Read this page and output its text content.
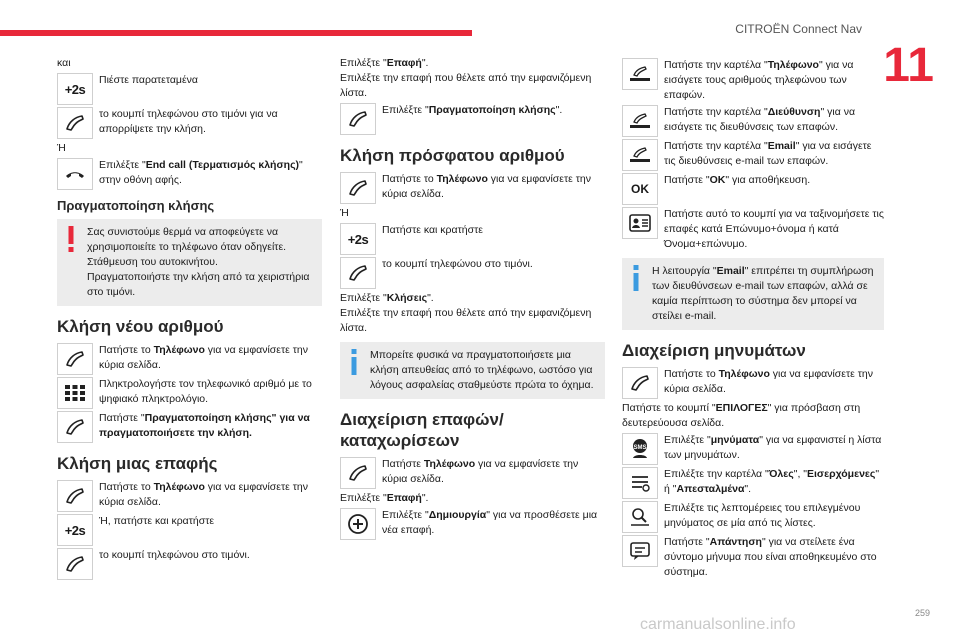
CITROËN Connect Nav
11

και

+2s
Πιέστε παρατεταμένα
το κουμπί τηλεφώνου στο τιμόνι για να απορρίψετε την κλήση.

Ή

Επιλέξτε "End call (Τερματισμός κλήσης)" στην οθόνη αφής.
Πραγματοποίηση κλήσης

Σας συνιστούμε θερμά να αποφεύγετε να χρησιμοποιείτε το τηλέφωνο όταν οδηγείτε.

Στάθμευση του αυτοκινήτου.

Πραγματοποιήστε την κλήση από τα χειριστήρια στο τιμόνι.

Κλήση νέου αριθμού
Πατήστε το Τηλέφωνο για να εμφανίσετε την κύρια σελίδα.
Πληκτρολογήστε τον τηλεφωνικό αριθμό με το ψηφιακό πληκτρολόγιο.
Πατήστε "Πραγματοποίηση κλήσης" για να πραγματοποιήσετε την κλήση.
Κλήση μιας επαφής
Πατήστε το Τηλέφωνο για να εμφανίσετε την κύρια σελίδα.
+2s
Ή, πατήστε και κρατήστε
το κουμπί τηλεφώνου στο τιμόνι.

Επιλέξτε "Επαφή".

Επιλέξτε την επαφή που θέλετε από την εμφανιζόμενη λίστα.

Επιλέξτε "Πραγματοποίηση κλήσης".
Κλήση πρόσφατου αριθμού
Πατήστε το Τηλέφωνο για να εμφανίσετε την κύρια σελίδα.

Ή

+2s
Πατήστε και κρατήστε
το κουμπί τηλεφώνου στο τιμόνι.

Επιλέξτε "Κλήσεις".

Επιλέξτε την επαφή που θέλετε από την εμφανιζόμενη λίστα.

Μπορείτε φυσικά να πραγματοποιήσετε μια κλήση απευθείας από το τηλέφωνο, ωστόσο για λόγους ασφαλείας σταθμεύστε πρώτα το όχημα.
Διαχείριση επαφών/ καταχωρίσεων
Πατήστε Τηλέφωνο για να εμφανίσετε την κύρια σελίδα.

Επιλέξτε "Επαφή".

Επιλέξτε "Δημιουργία" για να προσθέσετε μια νέα επαφή.
Πατήστε την καρτέλα "Τηλέφωνο" για να εισάγετε τους αριθμούς τηλεφώνου των επαφών.
Πατήστε την καρτέλα "Διεύθυνση" για να εισάγετε τις διευθύνσεις των επαφών.
Πατήστε την καρτέλα "Email" για να εισάγετε τις διευθύνσεις e-mail των επαφών.
OK
Πατήστε "OK" για αποθήκευση.
Πατήστε αυτό το κουμπί για να ταξινομήσετε τις επαφές κατά Επώνυμο+όνομα ή κατά Όνομα+επώνυμο.
Η λειτουργία "Email" επιτρέπει τη συμπλήρωση των διευθύνσεων e-mail των επαφών, αλλά σε καμία περίπτωση το σύστημα δεν μπορεί να στείλει e-mail.
Διαχείριση μηνυμάτων
Πατήστε το Τηλέφωνο για να εμφανίσετε την κύρια σελίδα.

Πατήστε το κουμπί "ΕΠΙΛΟΓΕΣ" για πρόσβαση στη δευτερεύουσα σελίδα.

SMS
Επιλέξτε "μηνύματα" για να εμφανιστεί η λίστα των μηνυμάτων.
Επιλέξτε την καρτέλα "Όλες", "Εισερχόμενες" ή "Απεσταλμένα".
Επιλέξτε τις λεπτομέρειες του επιλεγμένου μηνύματος σε μία από τις λίστες.
Πατήστε "Απάντηση" για να στείλετε ένα σύντομο μήνυμα που είναι αποθηκευμένο στο σύστημα.
259
carmanualsonline.info
